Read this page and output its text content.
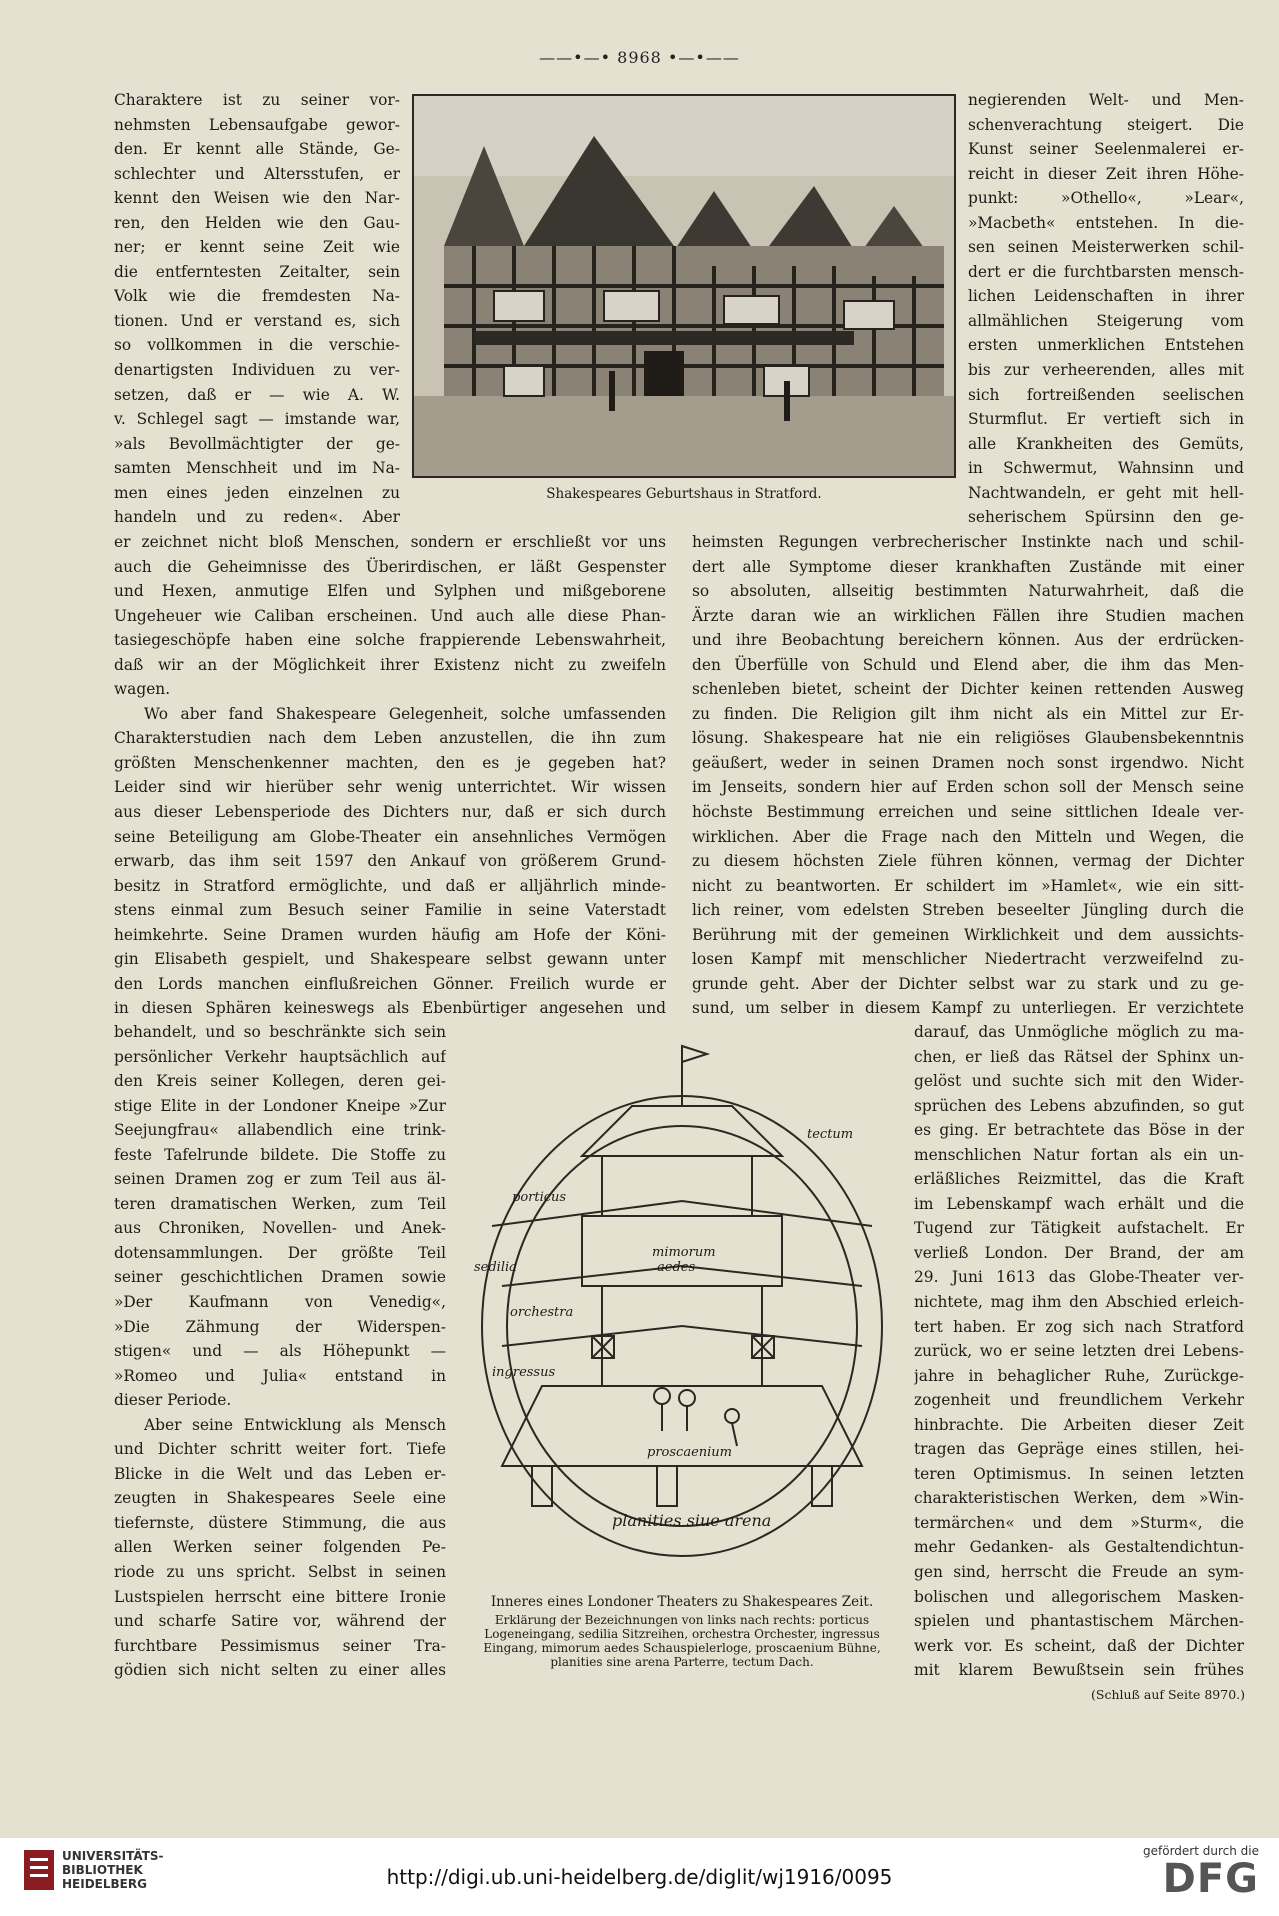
——•—• 8968 •—•——
Shakespeares Geburtshaus in Stratford.
Charaktere ist zu seiner vor-
nehmsten Lebensaufgabe gewor-
den. Er kennt alle Stände, Ge-
schlechter und Altersstufen, er
kennt den Weisen wie den Nar-
ren, den Helden wie den Gau-
ner; er kennt seine Zeit wie
die entferntesten Zeitalter, sein
Volk wie die fremdesten Na-
tionen. Und er verstand es, sich
so vollkommen in die verschie-
denartigsten Individuen zu ver-
setzen, daß er — wie A. W.
v. Schlegel sagt — imstande war,
»als Bevollmächtigter der ge-
samten Menschheit und im Na-
men eines jeden einzelnen zu
handeln und zu reden«. Aber
negierenden Welt- und Men-
schenverachtung steigert. Die
Kunst seiner Seelenmalerei er-
reicht in dieser Zeit ihren Höhe-
punkt: »Othello«, »Lear«,
»Macbeth« entstehen. In die-
sen seinen Meisterwerken schil-
dert er die furchtbarsten mensch-
lichen Leidenschaften in ihrer
allmählichen Steigerung vom
ersten unmerklichen Entstehen
bis zur verheerenden, alles mit
sich fortreißenden seelischen
Sturmflut. Er vertieft sich in
alle Krankheiten des Gemüts,
in Schwermut, Wahnsinn und
Nachtwandeln, er geht mit hell-
seherischem Spürsinn den ge-
er zeichnet nicht bloß Menschen, sondern er erschließt vor uns
auch die Geheimnisse des Überirdischen, er läßt Gespenster
und Hexen, anmutige Elfen und Sylphen und mißgeborene
Ungeheuer wie Caliban erscheinen. Und auch alle diese Phan-
tasiegeschöpfe haben eine solche frappierende Lebenswahrheit,
daß wir an der Möglichkeit ihrer Existenz nicht zu zweifeln
wagen.
Wo aber fand Shakespeare Gelegenheit, solche umfassenden
Charakterstudien nach dem Leben anzustellen, die ihn zum
größten Menschenkenner machten, den es je gegeben hat?
Leider sind wir hierüber sehr wenig unterrichtet. Wir wissen
aus dieser Lebensperiode des Dichters nur, daß er sich durch
seine Beteiligung am Globe-Theater ein ansehnliches Vermögen
erwarb, das ihm seit 1597 den Ankauf von größerem Grund-
besitz in Stratford ermöglichte, und daß er alljährlich minde-
stens einmal zum Besuch seiner Familie in seine Vaterstadt
heimkehrte. Seine Dramen wurden häufig am Hofe der Köni-
gin Elisabeth gespielt, und Shakespeare selbst gewann unter
den Lords manchen einflußreichen Gönner. Freilich wurde er
in diesen Sphären keineswegs als Ebenbürtiger angesehen und
heimsten Regungen verbrecherischer Instinkte nach und schil-
dert alle Symptome dieser krankhaften Zustände mit einer
so absoluten, allseitig bestimmten Naturwahrheit, daß die
Ärzte daran wie an wirklichen Fällen ihre Studien machen
und ihre Beobachtung bereichern können. Aus der erdrücken-
den Überfülle von Schuld und Elend aber, die ihm das Men-
schenleben bietet, scheint der Dichter keinen rettenden Ausweg
zu finden. Die Religion gilt ihm nicht als ein Mittel zur Er-
lösung. Shakespeare hat nie ein religiöses Glaubensbekenntnis
geäußert, weder in seinen Dramen noch sonst irgendwo. Nicht
im Jenseits, sondern hier auf Erden schon soll der Mensch seine
höchste Bestimmung erreichen und seine sittlichen Ideale ver-
wirklichen. Aber die Frage nach den Mitteln und Wegen, die
zu diesem höchsten Ziele führen können, vermag der Dichter
nicht zu beantworten. Er schildert im »Hamlet«, wie ein sitt-
lich reiner, vom edelsten Streben beseelter Jüngling durch die
Berührung mit der gemeinen Wirklichkeit und dem aussichts-
losen Kampf mit menschlicher Niedertracht verzweifelnd zu-
grunde geht. Aber der Dichter selbst war zu stark und zu ge-
sund, um selber in diesem Kampf zu unterliegen. Er verzichtete
tectum
porticus
sedilia
orchestra
ingressus
mimorum
aedes
proscaenium
planities siue arena
Inneres eines Londoner Theaters zu Shakespeares Zeit.
Erklärung der Bezeichnungen von links nach rechts: porticus Logeneingang, sedilia Sitzreihen, orchestra Orchester, ingressus Eingang, mimorum aedes Schauspielerloge, proscaenium Bühne, planities sine arena Parterre, tectum Dach.
behandelt, und so beschränkte sich sein
persönlicher Verkehr hauptsächlich auf
den Kreis seiner Kollegen, deren gei-
stige Elite in der Londoner Kneipe »Zur
Seejungfrau« allabendlich eine trink-
feste Tafelrunde bildete. Die Stoffe zu
seinen Dramen zog er zum Teil aus äl-
teren dramatischen Werken, zum Teil
aus Chroniken, Novellen- und Anek-
dotensammlungen. Der größte Teil
seiner geschichtlichen Dramen sowie
»Der Kaufmann von Venedig«,
»Die Zähmung der Widerspen-
stigen« und — als Höhepunkt —
»Romeo und Julia« entstand in
dieser Periode.
Aber seine Entwicklung als Mensch
und Dichter schritt weiter fort. Tiefe
Blicke in die Welt und das Leben er-
zeugten in Shakespeares Seele eine
tiefernste, düstere Stimmung, die aus
allen Werken seiner folgenden Pe-
riode zu uns spricht. Selbst in seinen
Lustspielen herrscht eine bittere Ironie
und scharfe Satire vor, während der
furchtbare Pessimismus seiner Tra-
gödien sich nicht selten zu einer alles
darauf, das Unmögliche möglich zu ma-
chen, er ließ das Rätsel der Sphinx un-
gelöst und suchte sich mit den Wider-
sprüchen des Lebens abzufinden, so gut
es ging. Er betrachtete das Böse in der
menschlichen Natur fortan als ein un-
erläßliches Reizmittel, das die Kraft
im Lebenskampf wach erhält und die
Tugend zur Tätigkeit aufstachelt. Er
verließ London. Der Brand, der am
29. Juni 1613 das Globe-Theater ver-
nichtete, mag ihm den Abschied erleich-
tert haben. Er zog sich nach Stratford
zurück, wo er seine letzten drei Lebens-
jahre in behaglicher Ruhe, Zurückge-
zogenheit und freundlichem Verkehr
hinbrachte. Die Arbeiten dieser Zeit
tragen das Gepräge eines stillen, hei-
teren Optimismus. In seinen letzten
charakteristischen Werken, dem »Win-
termärchen« und dem »Sturm«, die
mehr Gedanken- als Gestaltendichtun-
gen sind, herrscht die Freude an sym-
bolischen und allegorischem Masken-
spielen und phantastischem Märchen-
werk vor. Es scheint, daß der Dichter
mit klarem Bewußtsein sein frühes
(Schluß auf Seite 8970.)
UNIVERSITÄTS-
BIBLIOTHEK
HEIDELBERG	http://digi.ub.uni-heidelberg.de/diglit/wj1916/0095
gefördert durch die
DFG
